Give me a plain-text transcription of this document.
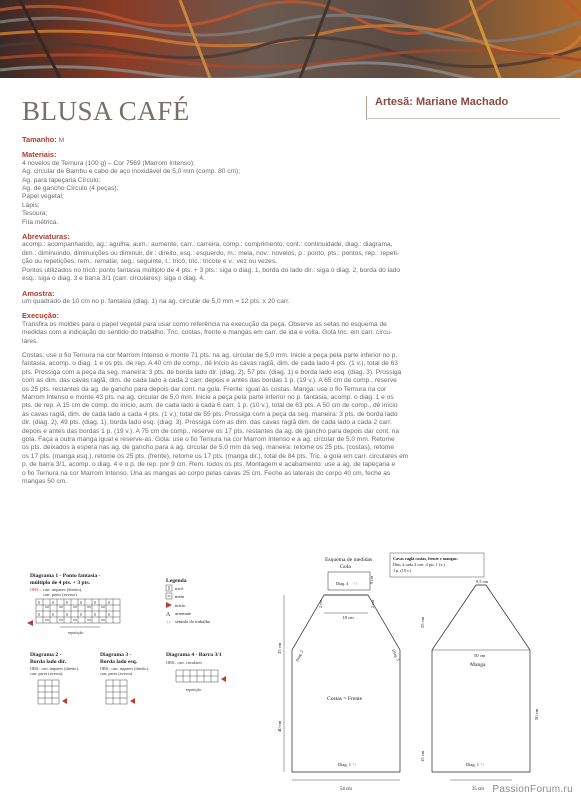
BLUSA CAFÉ	Artesã: Mariane Machado
Tamanho: M
Materiais:
4 novelos de Ternura (100 g) – Cor 7569 (Marrom Intenso);
Ag. circular de Bambu e cabo de aço inoxidável de 5,0 mm (comp. 80 cm);
Ag. para tapeçaria Círculo;
Ag. de gancho Círculo (4 peças);
Papel vegetal;
Lápis;
Tesoura;
Fita métrica.
Abreviaturas:
acomp.: acompanhando, ag.: agulha, aum.: aumente, carr.: carreira, comp.: comprimento, cont.: continuidade, diag.: diagrama,
dim.: diminuindo, diminuições ou diminuir, dir.: direito, esq.: esquerdo, m.: meia, nov.: novelos, p.: ponto, pts.: pontos, rep.: repeti-
ção ou repetições, rem.: rematar, seg.: seguinte, t.: tricô, tric.: tricote e v.: vez ou vezes.
Pontos utilizados no tricô: ponto fantasia múltiplo de 4 pts. + 3 pts.: siga o diag. 1, borda do lado dir.: siga o diag. 2, borda do lado
esq.: siga o diag. 3 e barra 3/1 (carr. circulares): siga o diag. 4.
Amostra:
um quadrado de 10 cm no p. fantasia (diag. 1) na ag. circular de 5,0 mm = 12 pts. x 20 carr.
Execução:
Transfira os moldes para o papel vegetal para usar como referência na execução da peça. Observe as setas no esquema de
medidas com a indicação do sentido do trabalho. Tric. costas, frente e mangas em carr. de ida e volta. Gola tric. em carr. circu-
lares.
Costas: use o fio Ternura na cor Marrom Intenso e monte 71 pts. na ag. circular de 5,0 mm. Inicie a peça pela parte inferior no p.
fantasia, acomp. o diag. 1 e os pts. de rep. A 40 cm de comp., dê início às cavas raglã, dim. de cada lado 4 pts. (1 v.), total de 63
pts. Prossiga com a peça da seg. maneira: 3 pts. de borda lado dir. (diag. 2), 57 pts. (diag. 1) e borda lado esq. (diag. 3). Prossiga
com as dim. das cavas raglã, dim. de cada lado a cada 2 carr. depois e antes das bordas 1 p. (19 v.). A 65 cm de comp., reserve
os 25 pts. restantes da ag. de gancho para depois dar cont. na gola. Frente: igual às costas. Manga: use o fio Ternura na cor
Marrom Intenso e monte 43 pts. na ag. circular de 5,0 mm. Inicie a peça pela parte inferior no p. fantasia, acomp. o diag. 1 e os
pts. de rep. A 15 cm de comp. do início, aum. de cada lado a cada 6 carr. 1 p. (10 v.), total de 63 pts. A 50 cm de comp., dê início
às cavas raglã, dim. de cada lado a cada 4 pts. (1 v.), total de 55 pts. Prossiga com a peça da seg. maneira: 3 pts. de borda lado
dir. (diag. 2), 49 pts. (diag. 1), borda lado esq. (diag. 3). Prossiga com as dim. das cavas raglã dim. de cada lado a cada 2 carr.
depois e antes das bordas 1 p. (19 v.). A 75 cm de comp., reserve os 17 pts. restantes da ag. de gancho para depois dar cont. na
gola. Faça a outra manga igual e reserve-as. Gola: use o fio Ternura na cor Marrom Intenso e a ag. circular de 5,0 mm. Retome
os pts. deixados à espera nas ag. de gancho para a ag. circular de 5,0 mm da seg. maneira: retome os 25 pts. (costas), retome
os 17 pts. (manga esq.), retome os 25 pts. (frente), retome os 17 pts. (manga dir.), total de 84 pts. Tric. a gola em carr. circulares em
p. de barra 3/1, acomp. o diag. 4 e o p. de rep. por 9 cm. Rem. todos os pts. Montagem e acabamento: use a ag. de tapeçaria e
o fio Ternura na cor Marrom Intenso. Una as mangas ao corpo pelas cavas 25 cm. Feche as laterais do corpo 40 cm, feche as
mangas 50 cm.
Diagrama 1 - Ponto fantasia -
múltiplo de 4 pts. + 3 pts.
OBS.: carr. impares (direito),
carr. pares (avesso).
repetição
Legenda
tricô
meia
início
A arrematе
↑↑ sentido do trabalho
Diagrama 2 -
Borda lado dir.
OBS.: carr. impares (direito),
carr. pares (avesso).
Diagrama 3 -
Borda lado esq.
OBS.: carr. impares (direito),
carr. pares (avesso).
Diagrama 4 - Barra 3/1
OBS.: carr. circulares
repetição
Esquema de medidas
Gola
Diag. 4 ↑↑	9 cm
Cavas raglã costas, frente e mangas:
Dim. à cada 2 carr. 4 pts. 1 (v.).
1 p. (19 v.)
18 cm
2 cm	2 cm
Costas = Frente
Diag. 2	Diag. 3
Diag. 1 ↑↑
25 cm
40 cm
54 cm
9,5 cm
50 cm
Manga
25 cm
15 cm
50 cm
Diag. 1 ↑↑
35 cm PassionForum.ru
